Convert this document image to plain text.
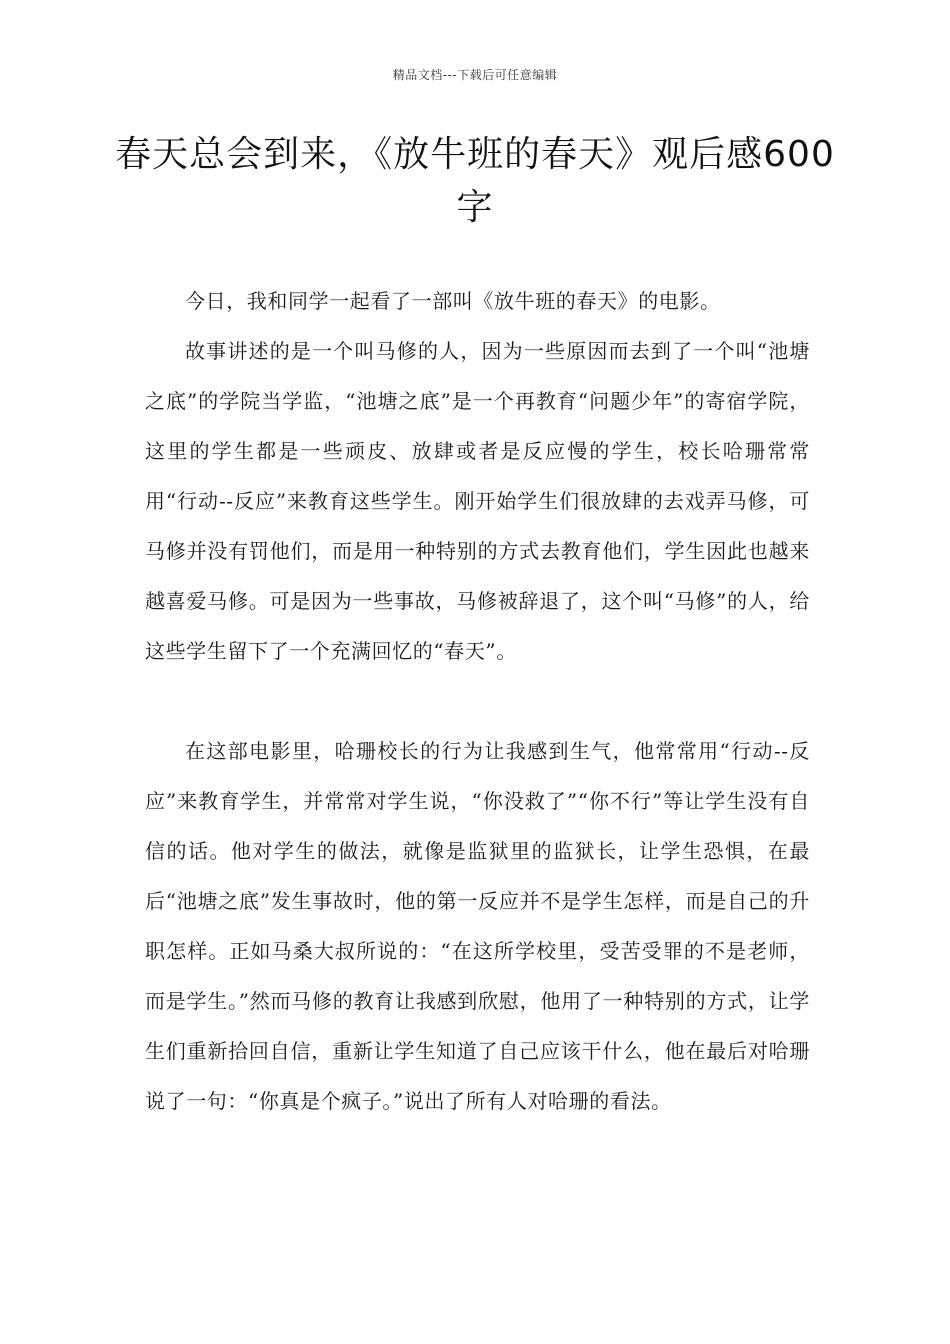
精品文档---下载后可任意编辑
春天总会到来，《放牛班的春天》观后感600字

今日，我和同学一起看了一部叫《放牛班的春天》的电影。

故事讲述的是一个叫马修的人，因为一些原因而去到了一个叫“池塘之底”的学院当学监，“池塘之底”是一个再教育“问题少年”的寄宿学院，这里的学生都是一些顽皮、放肆或者是反应慢的学生，校长哈珊常常用“行动--反应”来教育这些学生。刚开始学生们很放肆的去戏弄马修，可马修并没有罚他们，而是用一种特别的方式去教育他们，学生因此也越来越喜爱马修。可是因为一些事故，马修被辞退了，这个叫“马修”的人，给这些学生留下了一个充满回忆的“春天”。

在这部电影里，哈珊校长的行为让我感到生气，他常常用“行动--反应”来教育学生，并常常对学生说，“你没救了”“你不行”等让学生没有自信的话。他对学生的做法，就像是监狱里的监狱长，让学生恐惧，在最后“池塘之底”发生事故时，他的第一反应并不是学生怎样，而是自己的升职怎样。正如马桑大叔所说的：“在这所学校里，受苦受罪的不是老师，而是学生。”然而马修的教育让我感到欣慰，他用了一种特别的方式，让学生们重新拾回自信，重新让学生知道了自己应该干什么，他在最后对哈珊说了一句：“你真是个疯子。”说出了所有人对哈珊的看法。
